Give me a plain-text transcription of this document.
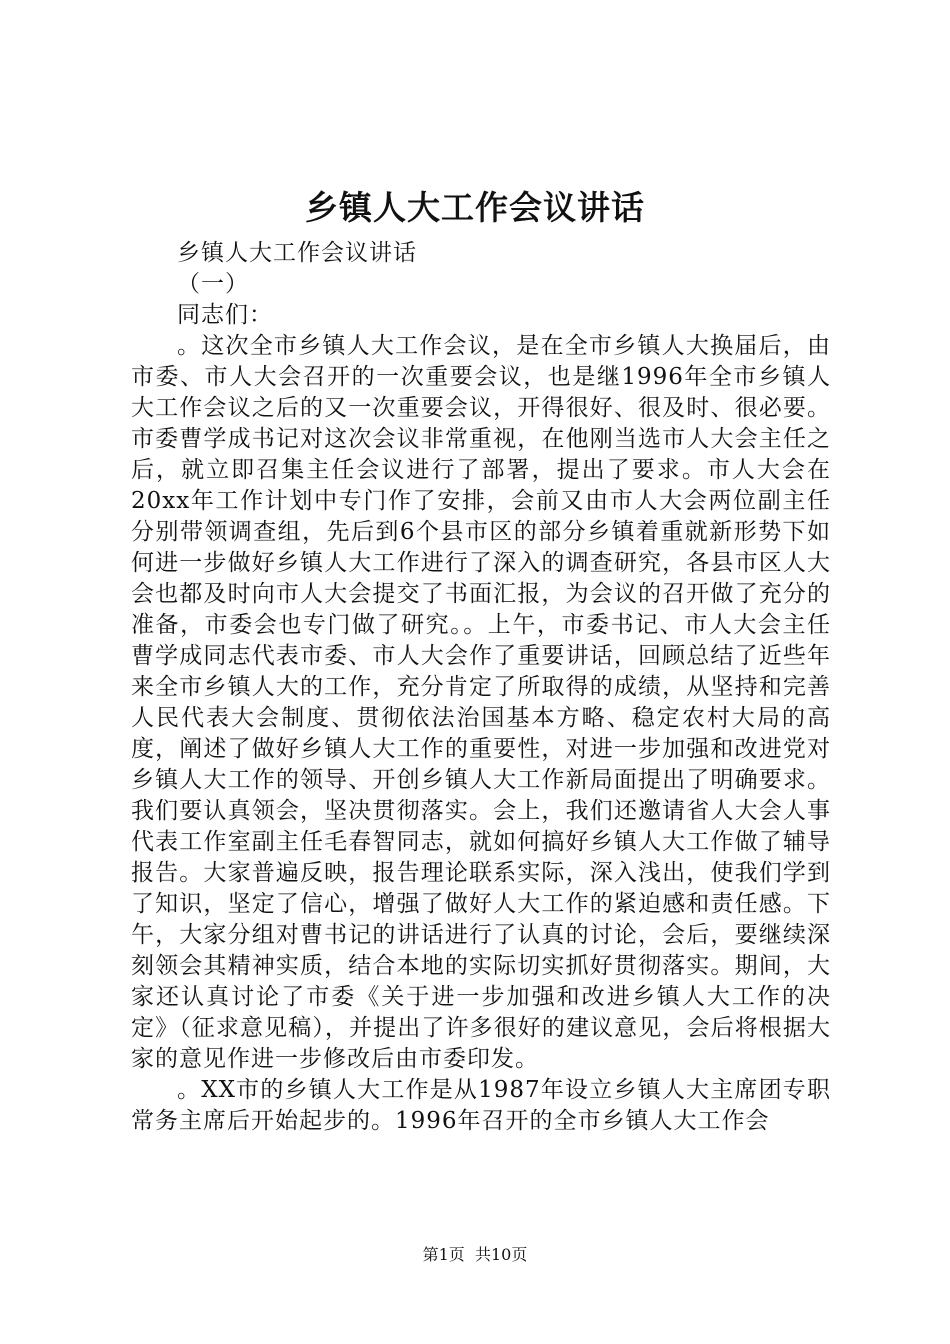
乡镇人大工作会议讲话

乡镇人大工作会议讲话

（一）

同志们：

。这次全市乡镇人大工作会议，是在全市乡镇人大换届后，由市委、市人大会召开的一次重要会议，也是继1996年全市乡镇人大工作会议之后的又一次重要会议，开得很好、很及时、很必要。市委曹学成书记对这次会议非常重视，在他刚当选市人大会主任之后，就立即召集主任会议进行了部署，提出了要求。市人大会在20xx年工作计划中专门作了安排，会前又由市人大会两位副主任分别带领调查组，先后到6个县市区的部分乡镇着重就新形势下如何进一步做好乡镇人大工作进行了深入的调查研究，各县市区人大会也都及时向市人大会提交了书面汇报，为会议的召开做了充分的准备，市委会也专门做了研究。。上午，市委书记、市人大会主任曹学成同志代表市委、市人大会作了重要讲话，回顾总结了近些年来全市乡镇人大的工作，充分肯定了所取得的成绩，从坚持和完善人民代表大会制度、贯彻依法治国基本方略、稳定农村大局的高度，阐述了做好乡镇人大工作的重要性，对进一步加强和改进党对乡镇人大工作的领导、开创乡镇人大工作新局面提出了明确要求。我们要认真领会，坚决贯彻落实。会上，我们还邀请省人大会人事代表工作室副主任毛春智同志，就如何搞好乡镇人大工作做了辅导报告。大家普遍反映，报告理论联系实际，深入浅出，使我们学到了知识，坚定了信心，增强了做好人大工作的紧迫感和责任感。下午，大家分组对曹书记的讲话进行了认真的讨论，会后，要继续深刻领会其精神实质，结合本地的实际切实抓好贯彻落实。期间，大家还认真讨论了市委《关于进一步加强和改进乡镇人大工作的决定》（征求意见稿），并提出了许多很好的建议意见，会后将根据大家的意见作进一步修改后由市委印发。

。XX市的乡镇人大工作是从1987年设立乡镇人大主席团专职常务主席后开始起步的。1996年召开的全市乡镇人大工作会

第1页 共10页
